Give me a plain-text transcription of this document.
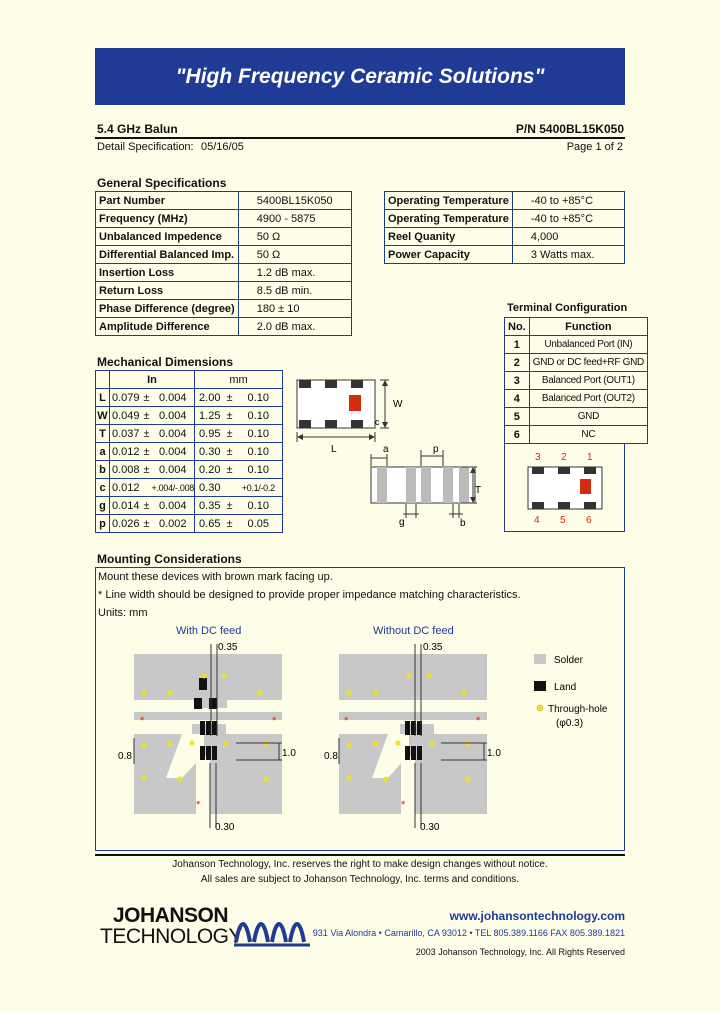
"High Frequency Ceramic Solutions"
5.4 GHz Balun	P/N 5400BL15K050
Detail Specification: 05/16/05	Page 1 of 2
General Specifications
Part Number	5400BL15K050
Frequency (MHz)	4900 - 5875
Unbalanced Impedence	50 Ω
Differential Balanced Imp.	50 Ω
Insertion Loss	1.2 dB max.
Return Loss	8.5 dB min.
Phase Difference (degree)	180 ± 10
Amplitude Difference	2.0 dB max.
Operating Temperature	-40 to +85°C
Operating Temperature	-40 to +85°C
Reel Quanity	4,000
Power Capacity	3 Watts max.
Terminal Configuration
No.	Function
1	Unbalanced Port (IN)
2	GND or DC feed+RF GND
3	Balanced Port (OUT1)
4	Balanced Port (OUT2)
5	GND
6	NC
Mechanical Dimensions
	In			mm		
L	0.079	±	0.004	2.00	±	0.10
W	0.049	±	0.004	1.25	±	0.10
T	0.037	±	0.004	0.95	±	0.10
a	0.012	±	0.004	0.30	±	0.10
b	0.008	±	0.004	0.20	±	0.10
c	0.012		+.004/-.008	0.30		+0.1/-0.2
g	0.014	±	0.004	0.35	±	0.10
p	0.026	±	0.002	0.65	±	0.05
W
c
L	a	p
T
g	b
3 2 1
4 5 6
Mounting Considerations
Mount these devices with brown mark facing up.
* Line width should be designed to provide proper impedance matching characteristics.
Units: mm
With DC feed	Without DC feed
*	*
*
0.35
0.8	1.0
0.30
*	*
*
0.35
0.8	1.0
0.30
Solder
Land
Through-hole
(φ0.3)
Johanson Technology, Inc. reserves the right to make design changes without notice.
All sales are subject to Johanson Technology, Inc. terms and conditions.
JOHANSON
TECHNOLOGY
www.johansontechnology.com
931 Via Alondra • Camarillo, CA 93012 • TEL 805.389.1166 FAX 805.389.1821
2003 Johanson Technology, Inc. All Rights Reserved
